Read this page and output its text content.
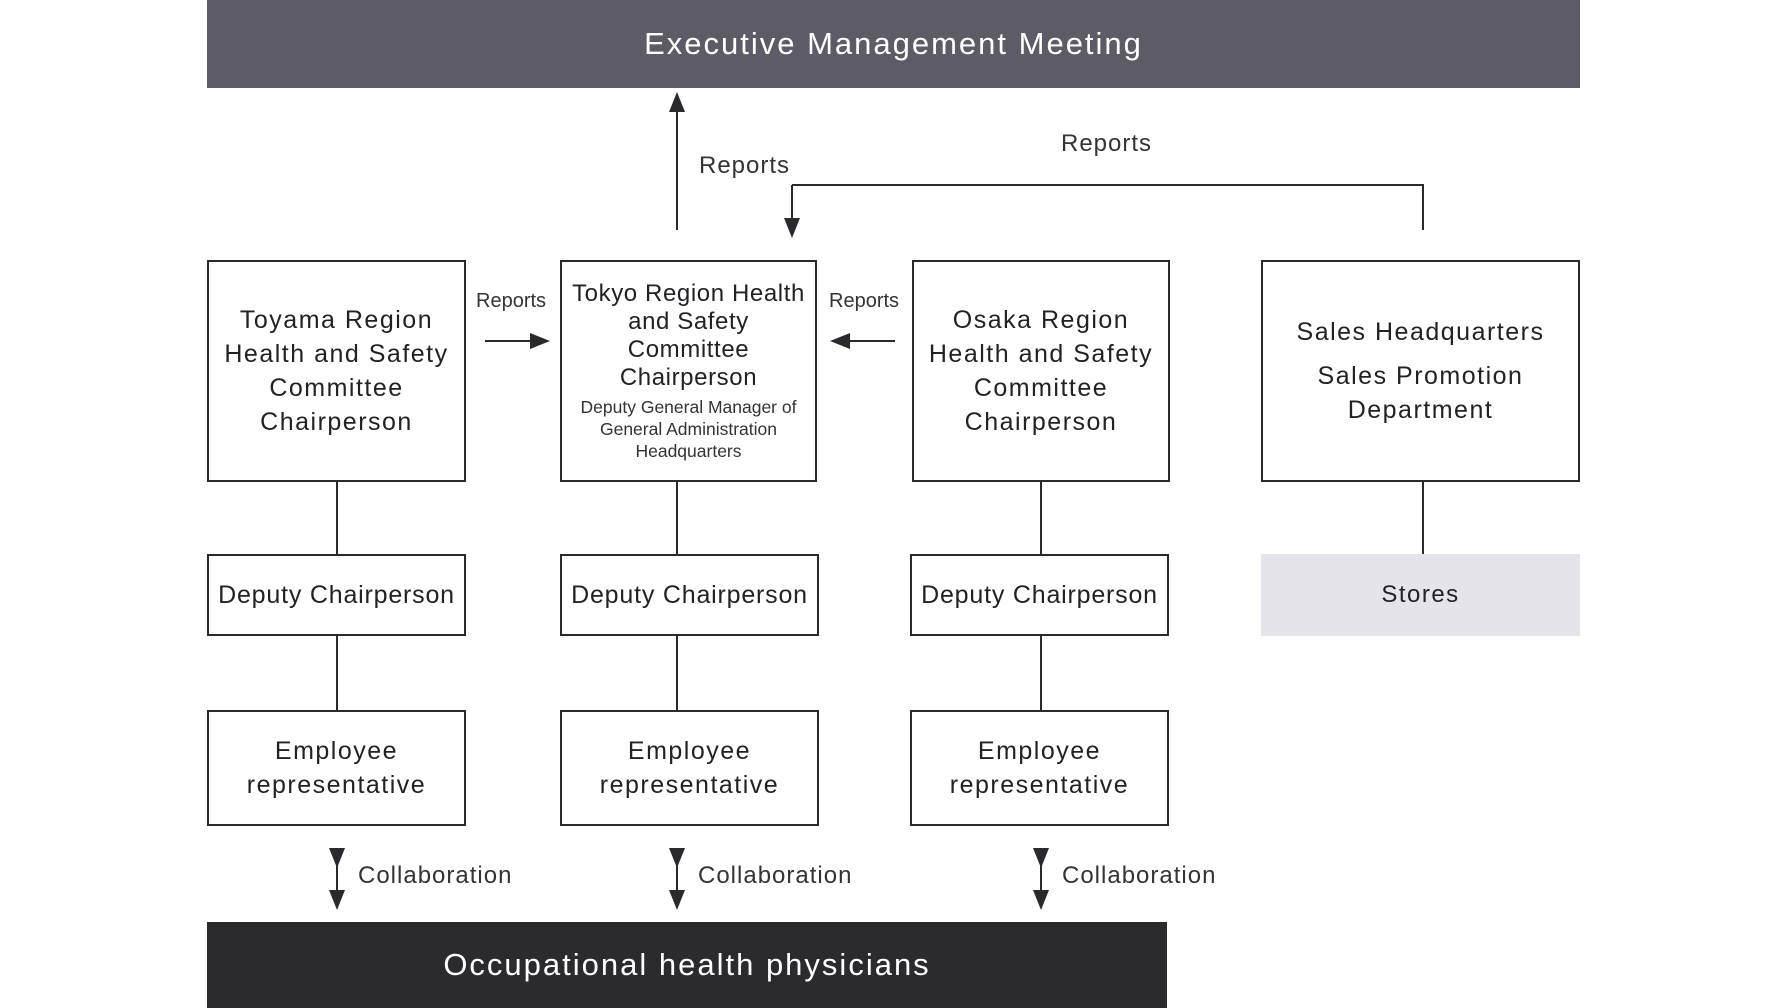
Executive Management Meeting
Reports
Reports
Reports	Reports
Toyama Region
Health and Safety
Committee
Chairperson
Deputy Chairperson
Employee
representative
Collaboration
Tokyo Region Health
and Safety
Committee
Chairperson
Deputy General Manager of
General Administration
Headquarters
Deputy Chairperson
Employee
representative
Collaboration
Osaka Region
Health and Safety
Committee
Chairperson
Deputy Chairperson
Employee
representative
Collaboration
Sales Headquarters
Sales Promotion
Department
Stores
Occupational health physicians
